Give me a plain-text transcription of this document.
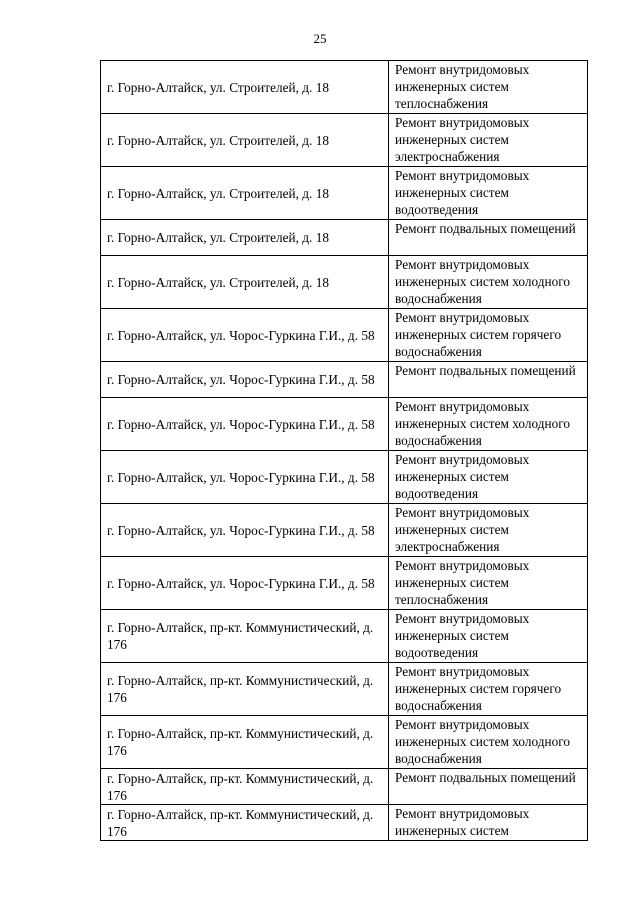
25
г. Горно-Алтайск, ул. Строителей, д. 18	Ремонт внутридомовых инженерных систем теплоснабжения

г. Горно-Алтайск, ул. Строителей, д. 18	Ремонт внутридомовых инженерных систем электроснабжения

г. Горно-Алтайск, ул. Строителей, д. 18	Ремонт внутридомовых инженерных систем водоотведения

г. Горно-Алтайск, ул. Строителей, д. 18	Ремонт подвальных помещений

г. Горно-Алтайск, ул. Строителей, д. 18	Ремонт внутридомовых инженерных систем холодного водоснабжения

г. Горно-Алтайск, ул. Чорос-Гуркина Г.И., д. 58	Ремонт внутридомовых инженерных систем горячего водоснабжения

г. Горно-Алтайск, ул. Чорос-Гуркина Г.И., д. 58	Ремонт подвальных помещений

г. Горно-Алтайск, ул. Чорос-Гуркина Г.И., д. 58	Ремонт внутридомовых инженерных систем холодного водоснабжения

г. Горно-Алтайск, ул. Чорос-Гуркина Г.И., д. 58	Ремонт внутридомовых инженерных систем водоотведения

г. Горно-Алтайск, ул. Чорос-Гуркина Г.И., д. 58	Ремонт внутридомовых инженерных систем электроснабжения

г. Горно-Алтайск, ул. Чорос-Гуркина Г.И., д. 58	Ремонт внутридомовых инженерных систем теплоснабжения

г. Горно-Алтайск, пр-кт. Коммунистический, д. 176	Ремонт внутридомовых инженерных систем водоотведения

г. Горно-Алтайск, пр-кт. Коммунистический, д. 176	Ремонт внутридомовых инженерных систем горячего водоснабжения

г. Горно-Алтайск, пр-кт. Коммунистический, д. 176	Ремонт внутридомовых инженерных систем холодного водоснабжения

г. Горно-Алтайск, пр-кт. Коммунистический, д. 176	Ремонт подвальных помещений

г. Горно-Алтайск, пр-кт. Коммунистический, д. 176	Ремонт внутридомовых инженерных систем
